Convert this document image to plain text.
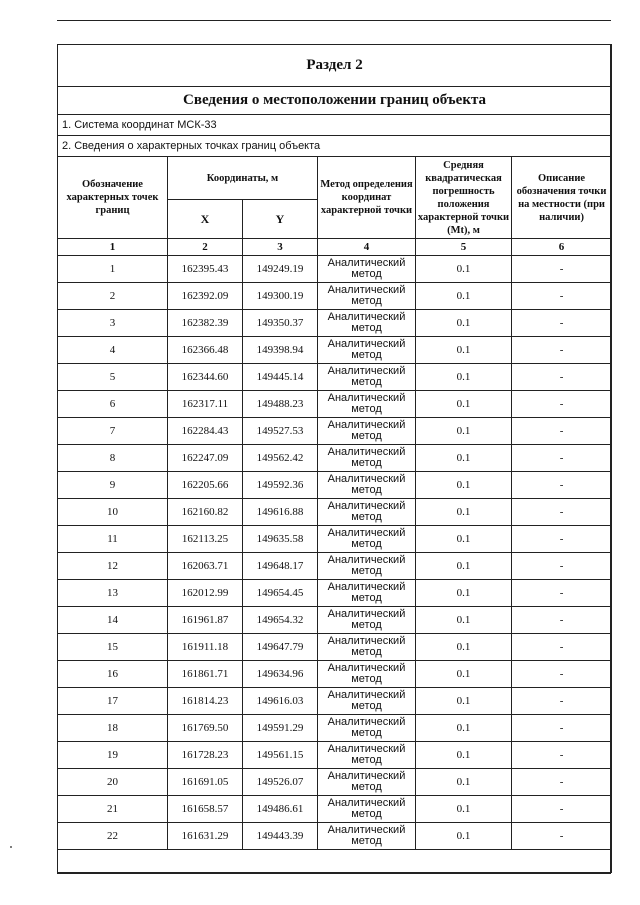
Раздел 2					
Сведения о местоположении границ объекта					
1. Система координат МСК-33					
2. Сведения о характерных точках границ объекта					
Обозначение характерных точек границ	Координаты, м		Метод определения координат характерной точки	Средняя квадратическая погрешность положения характерной точки (Mt), м	Описание обозначения точки на местности (при наличии)
	X	Y			
1	2	3	4	5	6
1	162395.43	149249.19	Аналитический метод	0.1	-
2	162392.09	149300.19	Аналитический метод	0.1	-
3	162382.39	149350.37	Аналитический метод	0.1	-
4	162366.48	149398.94	Аналитический метод	0.1	-
5	162344.60	149445.14	Аналитический метод	0.1	-
6	162317.11	149488.23	Аналитический метод	0.1	-
7	162284.43	149527.53	Аналитический метод	0.1	-
8	162247.09	149562.42	Аналитический метод	0.1	-
9	162205.66	149592.36	Аналитический метод	0.1	-
10	162160.82	149616.88	Аналитический метод	0.1	-
11	162113.25	149635.58	Аналитический метод	0.1	-
12	162063.71	149648.17	Аналитический метод	0.1	-
13	162012.99	149654.45	Аналитический метод	0.1	-
14	161961.87	149654.32	Аналитический метод	0.1	-
15	161911.18	149647.79	Аналитический метод	0.1	-
16	161861.71	149634.96	Аналитический метод	0.1	-
17	161814.23	149616.03	Аналитический метод	0.1	-
18	161769.50	149591.29	Аналитический метод	0.1	-
19	161728.23	149561.15	Аналитический метод	0.1	-
20	161691.05	149526.07	Аналитический метод	0.1	-
21	161658.57	149486.61	Аналитический метод	0.1	-
22	161631.29	149443.39	Аналитический метод	0.1	-
